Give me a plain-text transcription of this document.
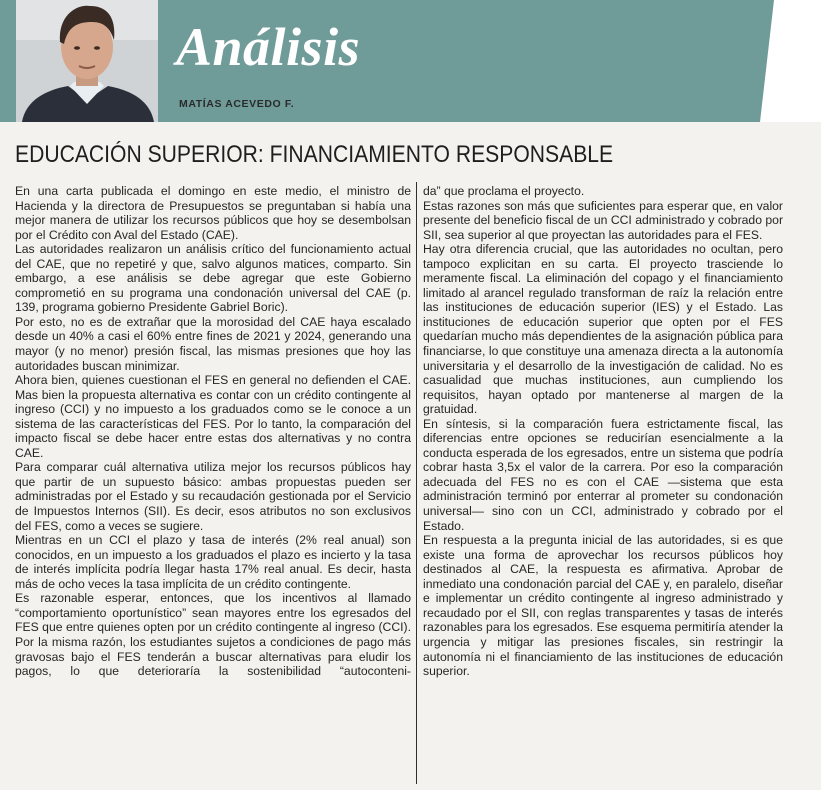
Análisis
MATÍAS ACEVEDO F.
EDUCACIÓN SUPERIOR: FINANCIAMIENTO RESPONSABLE

En una carta publicada el domingo en este medio, el ministro de Hacienda y la directora de Presupuestos se preguntaban si había una mejor manera de utilizar los recursos públicos que hoy se desembolsan por el Crédito con Aval del Estado (CAE).

Las autoridades realizaron un análisis crítico del funcionamiento actual del CAE, que no repetiré y que, salvo algunos matices, comparto. Sin embargo, a ese análisis se debe agregar que este Gobierno comprometió en su programa una condonación universal del CAE (p. 139, programa gobierno Presidente Gabriel Boric).

Por esto, no es de extrañar que la morosidad del CAE haya escalado desde un 40% a casi el 60% entre fines de 2021 y 2024, generando una mayor (y no menor) presión fiscal, las mismas presiones que hoy las autoridades buscan minimizar.

Ahora bien, quienes cuestionan el FES en general no defienden el CAE. Mas bien la propuesta alternativa es contar con un crédito contingente al ingreso (CCI) y no impuesto a los graduados como se le conoce a un sistema de las características del FES. Por lo tanto, la comparación del impacto fiscal se debe hacer entre estas dos alternativas y no contra CAE.

Para comparar cuál alternativa utiliza mejor los recursos públicos hay que partir de un supuesto básico: ambas propuestas pueden ser administradas por el Estado y su recaudación gestionada por el Servicio de Impuestos Internos (SII). Es decir, esos atributos no son exclusivos del FES, como a veces se sugiere.

Mientras en un CCI el plazo y tasa de interés (2% real anual) son conocidos, en un impuesto a los graduados el plazo es incierto y la tasa de interés implícita podría llegar hasta 17% real anual. Es decir, hasta más de ocho veces la tasa implícita de un crédito contingente.

Es razonable esperar, entonces, que los incentivos al llamado “comportamiento oportunístico” sean mayores entre los egresados del FES que entre quienes opten por un crédito contingente al ingreso (CCI). Por la misma razón, los estudiantes sujetos a condiciones de pago más gravosas bajo el FES tenderán a buscar alternativas para eludir los pagos, lo que deterioraría la sostenibilidad “autoconteni-

da” que proclama el proyecto.

Estas razones son más que suficientes para esperar que, en valor presente del beneficio fiscal de un CCI administrado y cobrado por SII, sea superior al que proyectan las autoridades para el FES.

Hay otra diferencia crucial, que las autoridades no ocultan, pero tampoco explicitan en su carta. El proyecto trasciende lo meramente fiscal. La eliminación del copago y el financiamiento limitado al arancel regulado transforman de raíz la relación entre las instituciones de educación superior (IES) y el Estado. Las instituciones de educación superior que opten por el FES quedarían mucho más dependientes de la asignación pública para financiarse, lo que constituye una amenaza directa a la autonomía universitaria y el desarrollo de la investigación de calidad. No es casualidad que muchas instituciones, aun cumpliendo los requisitos, hayan optado por mantenerse al margen de la gratuidad.

En síntesis, si la comparación fuera estrictamente fiscal, las diferencias entre opciones se reducirían esencialmente a la conducta esperada de los egresados, entre un sistema que podría cobrar hasta 3,5x el valor de la carrera. Por eso la comparación adecuada del FES no es con el CAE —sistema que esta administración terminó por enterrar al prometer su condonación universal— sino con un CCI, administrado y cobrado por el Estado.

En respuesta a la pregunta inicial de las autoridades, si es que existe una forma de aprovechar los recursos públicos hoy destinados al CAE, la respuesta es afirmativa. Aprobar de inmediato una condonación parcial del CAE y, en paralelo, diseñar e implementar un crédito contingente al ingreso administrado y recaudado por el SII, con reglas transparentes y tasas de interés razonables para los egresados. Ese esquema permitiría atender la urgencia y mitigar las presiones fiscales, sin restringir la autonomía ni el financiamiento de las instituciones de educación superior.
